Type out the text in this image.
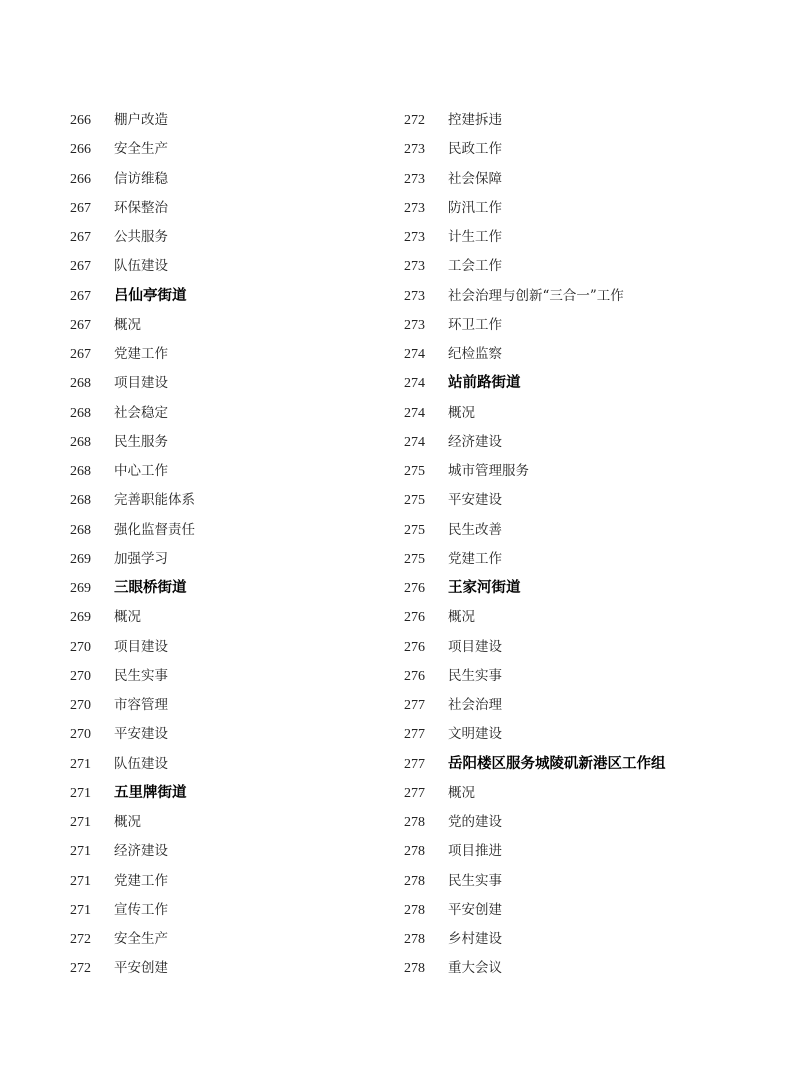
266	棚户改造
266	安全生产
266	信访维稳
267	环保整治
267	公共服务
267	队伍建设
267	吕仙亭街道
267	概况
267	党建工作
268	项目建设
268	社会稳定
268	民生服务
268	中心工作
268	完善职能体系
268	强化监督责任
269	加强学习
269	三眼桥街道
269	概况
270	项目建设
270	民生实事
270	市容管理
270	平安建设
271	队伍建设
271	五里牌街道
271	概况
271	经济建设
271	党建工作
271	宣传工作
272	安全生产
272	平安创建
272	控建拆违
273	民政工作
273	社会保障
273	防汛工作
273	计生工作
273	工会工作
273	社会治理与创新“三合一”工作
273	环卫工作
274	纪检监察
274	站前路街道
274	概况
274	经济建设
275	城市管理服务
275	平安建设
275	民生改善
275	党建工作
276	王家河街道
276	概况
276	项目建设
276	民生实事
277	社会治理
277	文明建设
277	岳阳楼区服务城陵矶新港区工作组
277	概况
278	党的建设
278	项目推进
278	民生实事
278	平安创建
278	乡村建设
278	重大会议
